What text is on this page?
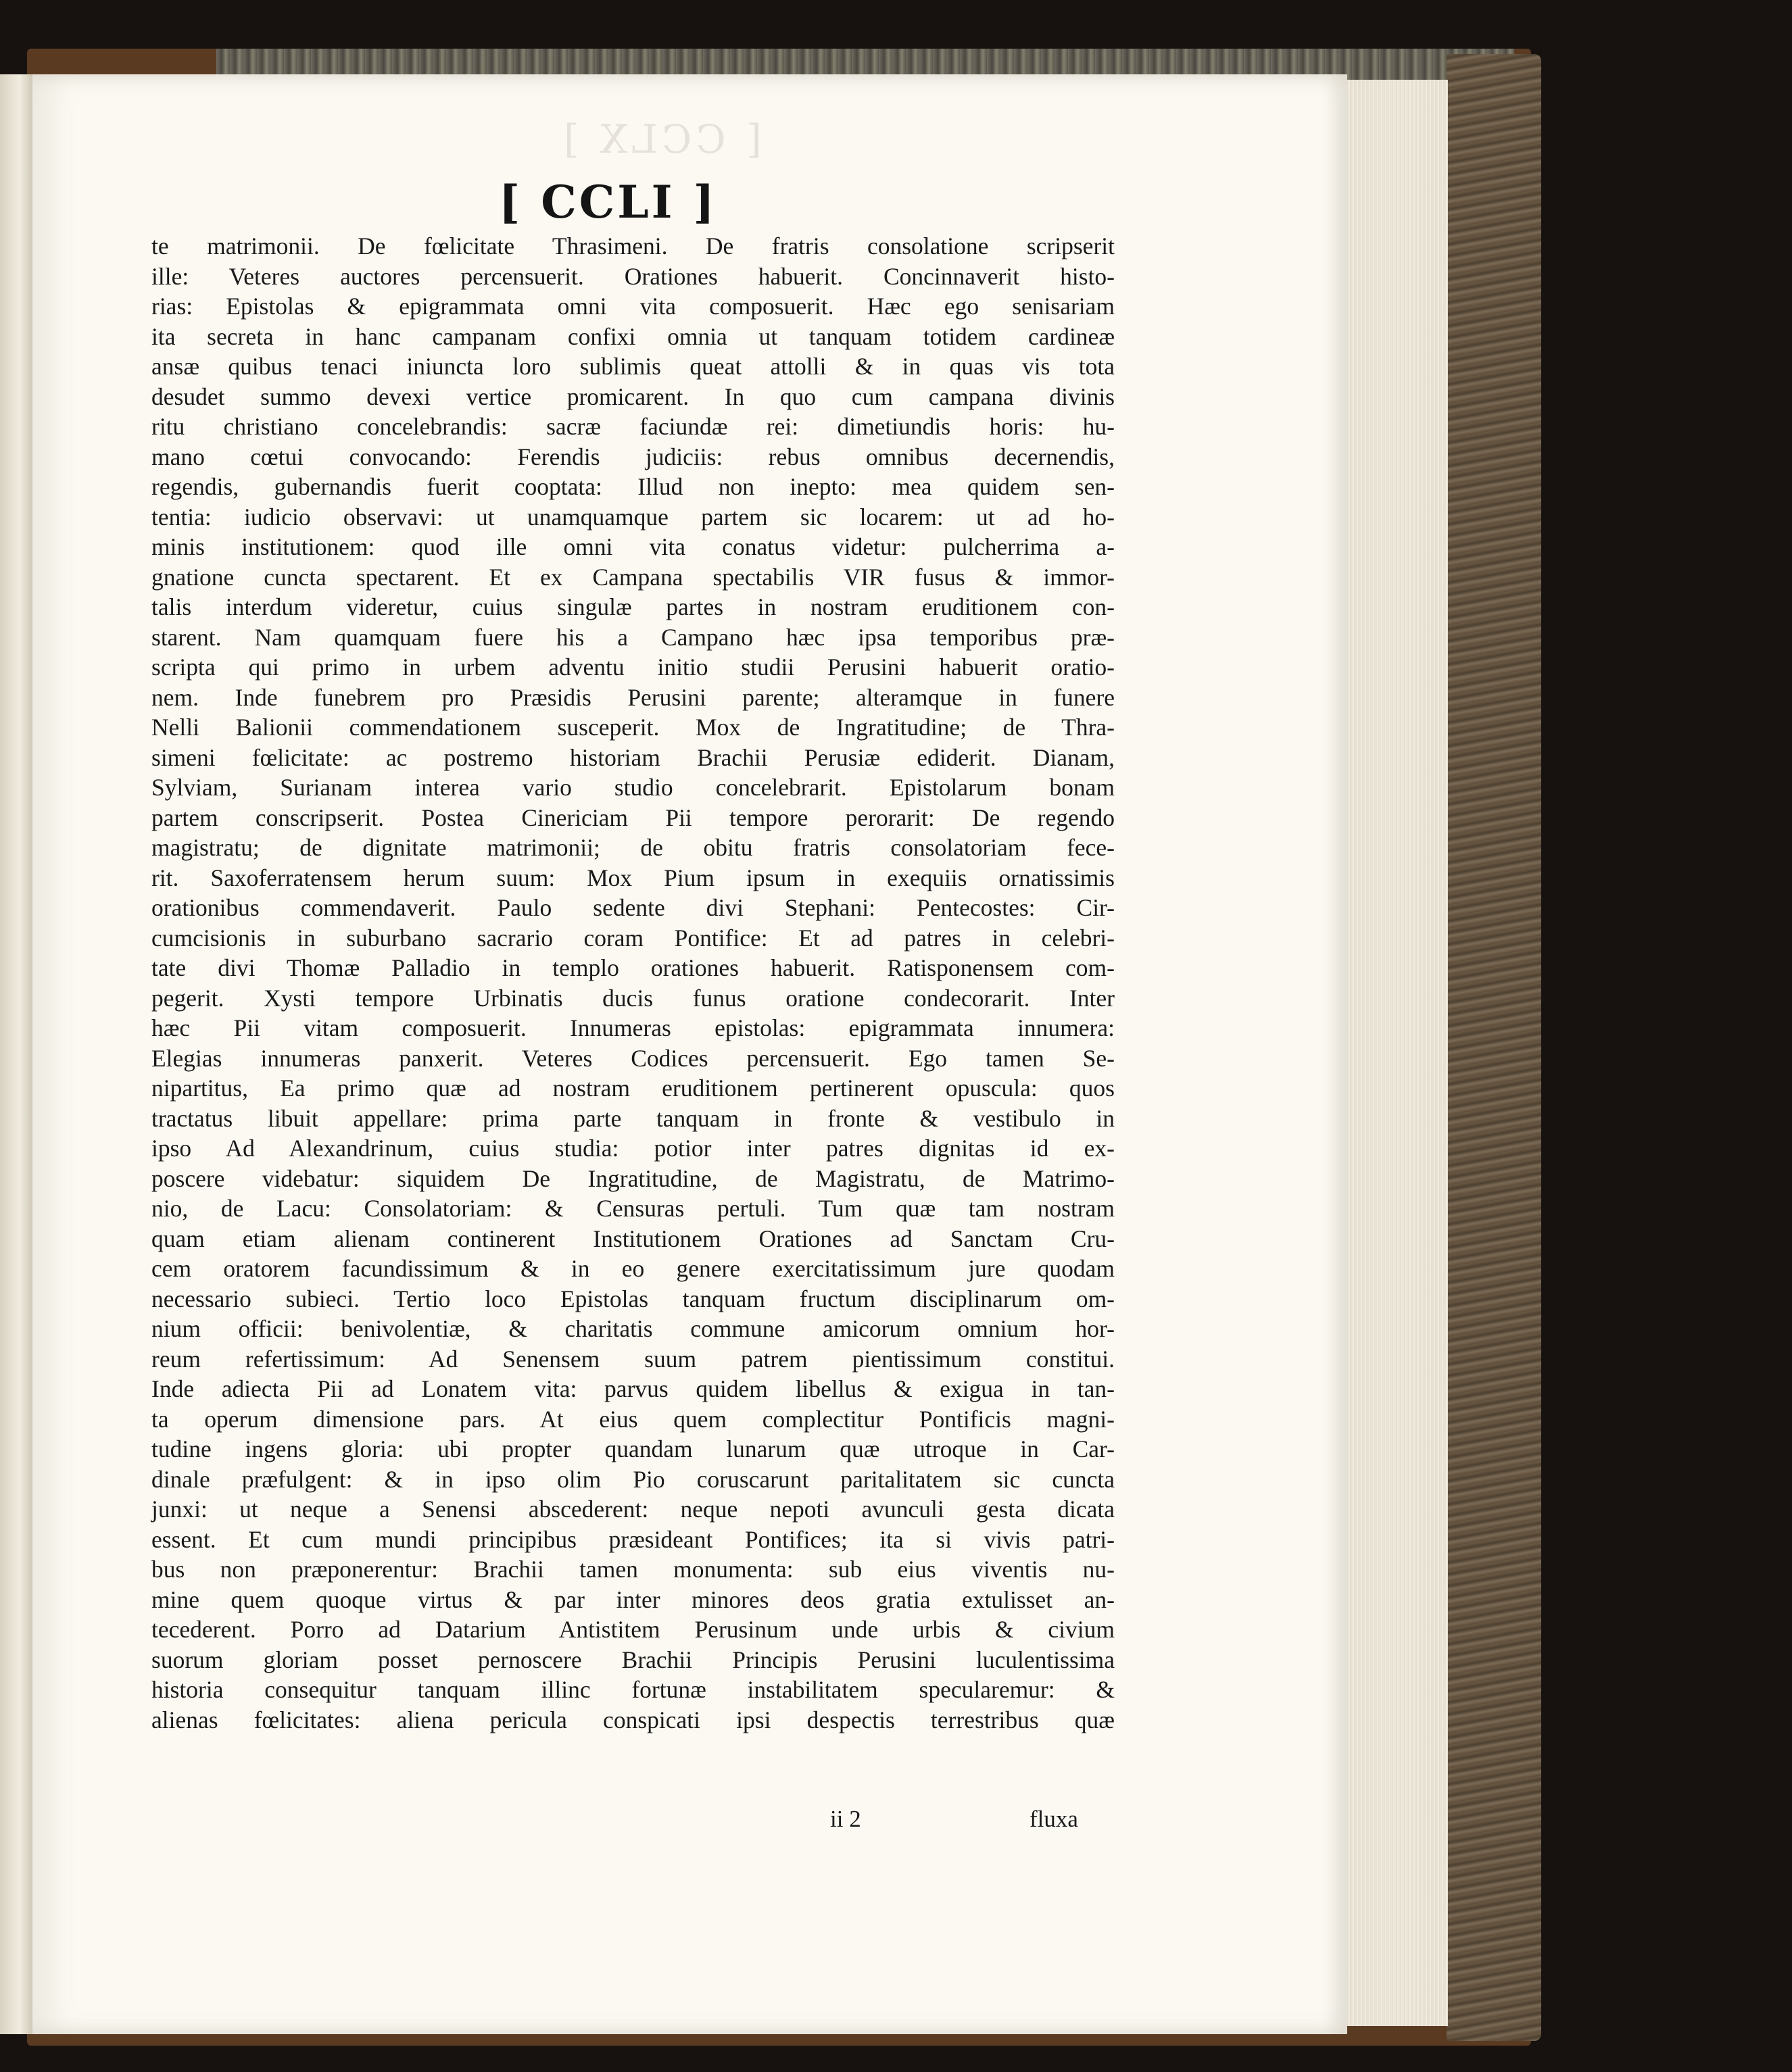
[ CCLX ]
[ CCLI ]
te matrimonii. De fœlicitate Thrasimeni. De fratris consolatione scripserit
ille: Veteres auctores percensuerit. Orationes habuerit. Concinnaverit histo-
rias: Epistolas & epigrammata omni vita composuerit. Hæc ego senisariam
ita secreta in hanc campanam confixi omnia ut tanquam totidem cardineæ
ansæ quibus tenaci iniuncta loro sublimis queat attolli & in quas vis tota
desudet summo devexi vertice promicarent. In quo cum campana divinis
ritu christiano concelebrandis: sacræ faciundæ rei: dimetiundis horis: hu-
mano cœtui convocando: Ferendis judiciis: rebus omnibus decernendis,
regendis, gubernandis fuerit cooptata: Illud non inepto: mea quidem sen-
tentia: iudicio observavi: ut unamquamque partem sic locarem: ut ad ho-
minis institutionem: quod ille omni vita conatus videtur: pulcherrima a-
gnatione cuncta spectarent. Et ex Campana spectabilis VIR fusus & immor-
talis interdum videretur, cuius singulæ partes in nostram eruditionem con-
starent. Nam quamquam fuere his a Campano hæc ipsa temporibus præ-
scripta qui primo in urbem adventu initio studii Perusini habuerit oratio-
nem. Inde funebrem pro Præsidis Perusini parente; alteramque in funere
Nelli Balionii commendationem susceperit. Mox de Ingratitudine; de Thra-
simeni fœlicitate: ac postremo historiam Brachii Perusiæ ediderit. Dianam,
Sylviam, Surianam interea vario studio concelebrarit. Epistolarum bonam
partem conscripserit. Postea Cinericiam Pii tempore perorarit: De regendo
magistratu; de dignitate matrimonii; de obitu fratris consolatoriam fece-
rit. Saxoferratensem herum suum: Mox Pium ipsum in exequiis ornatissimis
orationibus commendaverit. Paulo sedente divi Stephani: Pentecostes: Cir-
cumcisionis in suburbano sacrario coram Pontifice: Et ad patres in celebri-
tate divi Thomæ Palladio in templo orationes habuerit. Ratisponensem com-
pegerit. Xysti tempore Urbinatis ducis funus oratione condecorarit. Inter
hæc Pii vitam composuerit. Innumeras epistolas: epigrammata innumera:
Elegias innumeras panxerit. Veteres Codices percensuerit. Ego tamen Se-
nipartitus, Ea primo quæ ad nostram eruditionem pertinerent opuscula: quos
tractatus libuit appellare: prima parte tanquam in fronte & vestibulo in
ipso Ad Alexandrinum, cuius studia: potior inter patres dignitas id ex-
poscere videbatur: siquidem De Ingratitudine, de Magistratu, de Matrimo-
nio, de Lacu: Consolatoriam: & Censuras pertuli. Tum quæ tam nostram
quam etiam alienam continerent Institutionem Orationes ad Sanctam Cru-
cem oratorem facundissimum & in eo genere exercitatissimum jure quodam
necessario subieci. Tertio loco Epistolas tanquam fructum disciplinarum om-
nium officii: benivolentiæ, & charitatis commune amicorum omnium hor-
reum refertissimum: Ad Senensem suum patrem pientissimum constitui.
Inde adiecta Pii ad Lonatem vita: parvus quidem libellus & exigua in tan-
ta operum dimensione pars. At eius quem complectitur Pontificis magni-
tudine ingens gloria: ubi propter quandam lunarum quæ utroque in Car-
dinale præfulgent: & in ipso olim Pio coruscarunt paritalitatem sic cuncta
junxi: ut neque a Senensi abscederent: neque nepoti avunculi gesta dicata
essent. Et cum mundi principibus præsideant Pontifices; ita si vivis patri-
bus non præponerentur: Brachii tamen monumenta: sub eius viventis nu-
mine quem quoque virtus & par inter minores deos gratia extulisset an-
tecederent. Porro ad Datarium Antistitem Perusinum unde urbis & civium
suorum gloriam posset pernoscere Brachii Principis Perusini luculentissima
historia consequitur tanquam illinc fortunæ instabilitatem specularemur: &
alienas fœlicitates: aliena pericula conspicati ipsi despectis terrestribus quæ
ii 2	fluxa
